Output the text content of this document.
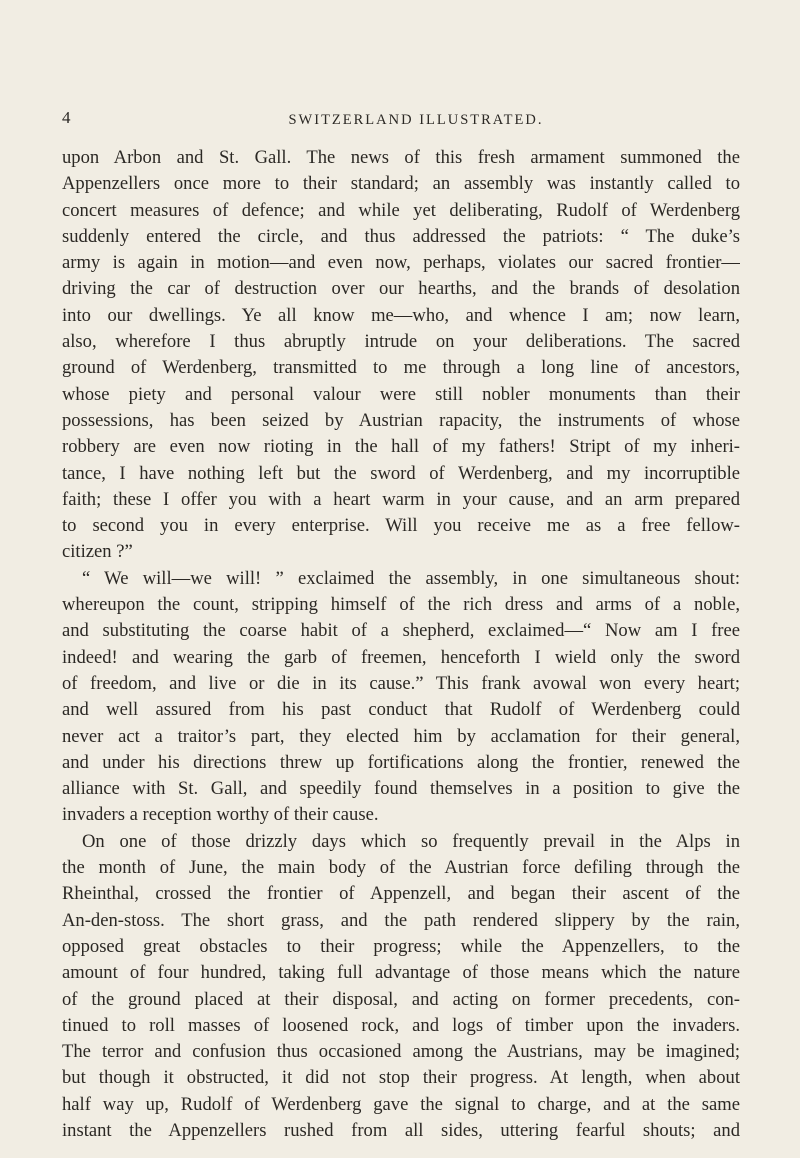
4	SWITZERLAND ILLUSTRATED.
upon Arbon and St. Gall. The news of this fresh armament summoned the
Appenzellers once more to their standard; an assembly was instantly called to
concert measures of defence; and while yet deliberating, Rudolf of Werdenberg
suddenly entered the circle, and thus addressed the patriots: “ The duke’s
army is again in motion—and even now, perhaps, violates our sacred frontier—
driving the car of destruction over our hearths, and the brands of desolation
into our dwellings. Ye all know me—who, and whence I am; now learn,
also, wherefore I thus abruptly intrude on your deliberations. The sacred
ground of Werdenberg, transmitted to me through a long line of ancestors,
whose piety and personal valour were still nobler monuments than their
possessions, has been seized by Austrian rapacity, the instruments of whose
robbery are even now rioting in the hall of my fathers! Stript of my inheri-
tance, I have nothing left but the sword of Werdenberg, and my incorruptible
faith; these I offer you with a heart warm in your cause, and an arm prepared
to second you in every enterprise. Will you receive me as a free fellow-
citizen ?”
“ We will—we will! ” exclaimed the assembly, in one simultaneous shout:
whereupon the count, stripping himself of the rich dress and arms of a noble,
and substituting the coarse habit of a shepherd, exclaimed—“ Now am I free
indeed! and wearing the garb of freemen, henceforth I wield only the sword
of freedom, and live or die in its cause.” This frank avowal won every heart;
and well assured from his past conduct that Rudolf of Werdenberg could
never act a traitor’s part, they elected him by acclamation for their general,
and under his directions threw up fortifications along the frontier, renewed the
alliance with St. Gall, and speedily found themselves in a position to give the
invaders a reception worthy of their cause.
On one of those drizzly days which so frequently prevail in the Alps in
the month of June, the main body of the Austrian force defiling through the
Rheinthal, crossed the frontier of Appenzell, and began their ascent of the
An-den-stoss. The short grass, and the path rendered slippery by the rain,
opposed great obstacles to their progress; while the Appenzellers, to the
amount of four hundred, taking full advantage of those means which the nature
of the ground placed at their disposal, and acting on former precedents, con-
tinued to roll masses of loosened rock, and logs of timber upon the invaders.
The terror and confusion thus occasioned among the Austrians, may be imagined;
but though it obstructed, it did not stop their progress. At length, when about
half way up, Rudolf of Werdenberg gave the signal to charge, and at the same
instant the Appenzellers rushed from all sides, uttering fearful shouts; and
